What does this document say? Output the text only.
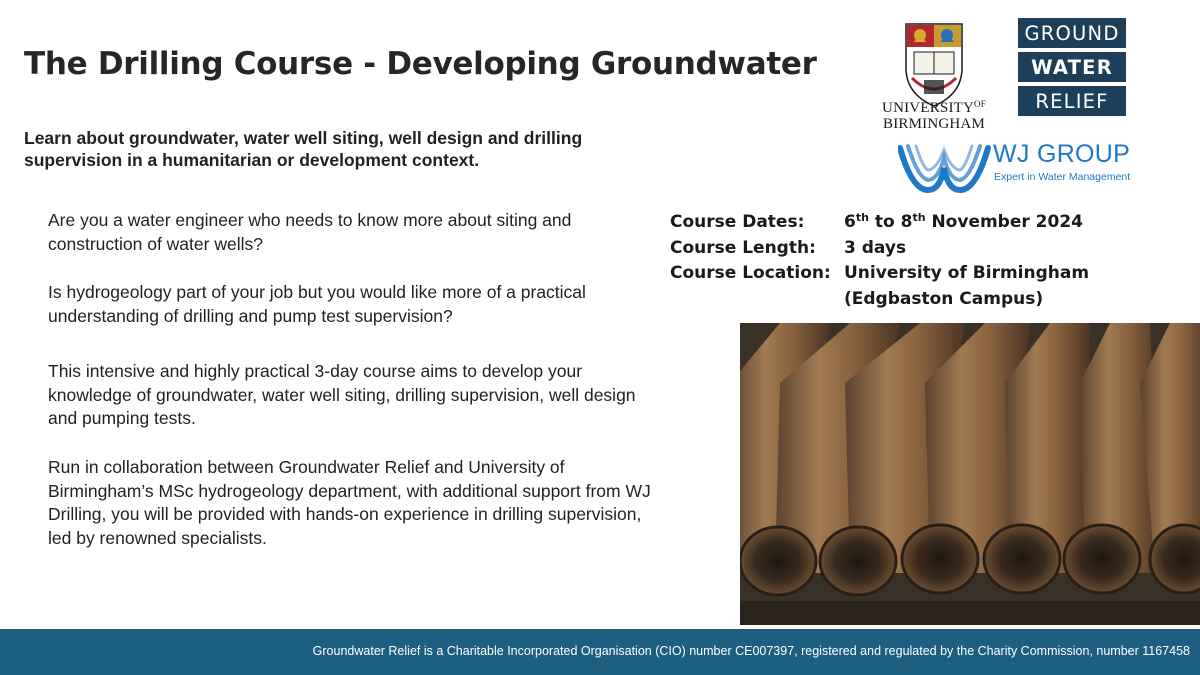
The Drilling Course - Developing Groundwater
Learn about groundwater, water well siting, well design and drilling supervision in a humanitarian or development context.
Are you a water engineer who needs to know more about siting and construction of water wells?
Is hydrogeology part of your job but you would like more of a practical understanding of drilling and pump test supervision?
This intensive and highly practical 3-day course aims to develop your knowledge of groundwater, water well siting, drilling supervision, well design and pumping tests.
Run in collaboration between Groundwater Relief and University of Birmingham’s MSc hydrogeology department, with additional support from WJ Drilling, you will be provided with hands-on experience in drilling supervision, led by renowned specialists.
Course Dates:	6th to 8th November 2024
Course Length:	3 days
Course Location: University of Birmingham
(Edgbaston Campus)
$UNIVERSITY^{OF}$
BIRMINGHAM
GROUND
WATER
RELIEF
WJ GROUP
Expert in Water Management
Groundwater Relief is a Charitable Incorporated Organisation (CIO) number CE007397, registered and regulated by the Charity Commission, number 1167458
